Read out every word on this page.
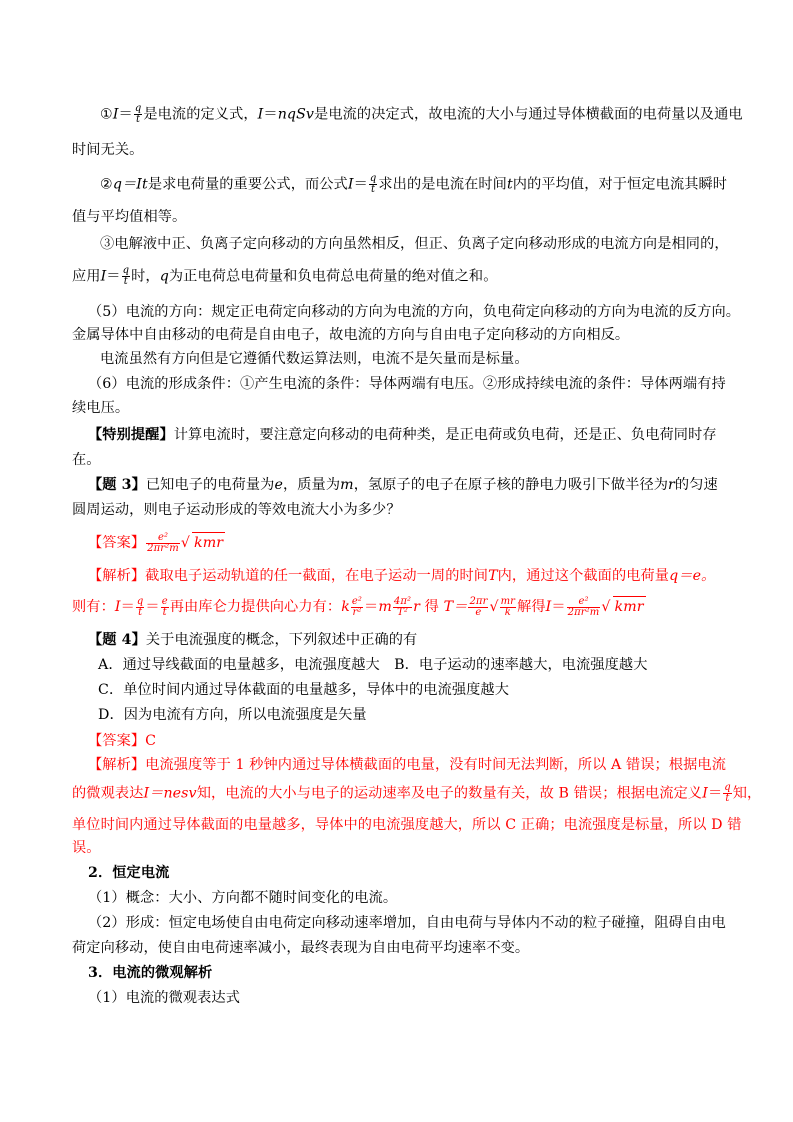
①I＝ $\frac{q}{t}$ 是电流的定义式，I＝nqSv是电流的决定式，故电流的大小与通过导体横截面的电荷量以及通电
时间无关。
②q＝It是求电荷量的重要公式，而公式$I= \frac{q}{t}$ 求出的是电流在时间t内的平均值，对于恒定电流其瞬时
值与平均值相等。
③电解液中正、负离子定向移动的方向虽然相反，但正、负离子定向移动形成的电流方向是相同的，
应用$I= \frac{q}{t}$ 时，q为正电荷总电荷量和负电荷总电荷量的绝对值之和。
（5）电流的方向：规定正电荷定向移动的方向为电流的方向，负电荷定向移动的方向为电流的反方向。
金属导体中自由移动的电荷是自由电子，故电流的方向与自由电子定向移动的方向相反。
电流虽然有方向但是它遵循代数运算法则，电流不是矢量而是标量。
（6）电流的形成条件：①产生电流的条件：导体两端有电压。②形成持续电流的条件：导体两端有持
续电压。
【特别提醒】计算电流时，要注意定向移动的电荷种类，是正电荷或负电荷，还是正、负电荷同时存
在。
【题 3】已知电子的电荷量为e，质量为m，氢原子的电子在原子核的静电力吸引下做半径为r的匀速
圆周运动，则电子运动形成的等效电流大小为多少？
【答案】 $\frac{\text{e²}}{\text{2πr²m}}$ √ kmr
【解析】截取电子运动轨道的任一截面，在电子运动一周的时间T内，通过这个截面的电荷量q＝e。
则有：$I= \frac{q}{t} = \frac{e}{t}$ 再由库仑力提供向心力有：k $\frac{\text{e²}}{\text{r²}} =m \frac{\text{4π²}}{\text{T²}}$ r 得 $T= \frac{2\pi r}{e}$ √ $\frac{mr}{k}$ 解得$I= \frac{\text{e²}}{\text{2πr²m}}$ √ kmr
【题 4】关于电流强度的概念，下列叙述中正确的有
A．通过导线截面的电量越多，电流强度越大　B．电子运动的速率越大，电流强度越大
C．单位时间内通过导体截面的电量越多，导体中的电流强度越大
D．因为电流有方向，所以电流强度是矢量
【答案】C
【解析】电流强度等于 1 秒钟内通过导体横截面的电量，没有时间无法判断，所以 A 错误；根据电流
的微观表达I＝nesv知，电流的大小与电子的运动速率及电子的数量有关，故 B 错误；根据电流定义$I= \frac{q}{t}$ 知，
单位时间内通过导体截面的电量越多，导体中的电流强度越大，所以 C 正确；电流强度是标量，所以 D 错
误。
2．恒定电流
（1）概念：大小、方向都不随时间变化的电流。
（2）形成：恒定电场使自由电荷定向移动速率增加，自由电荷与导体内不动的粒子碰撞，阻碍自由电
荷定向移动，使自由电荷速率减小，最终表现为自由电荷平均速率不变。
3．电流的微观解析
（1）电流的微观表达式
